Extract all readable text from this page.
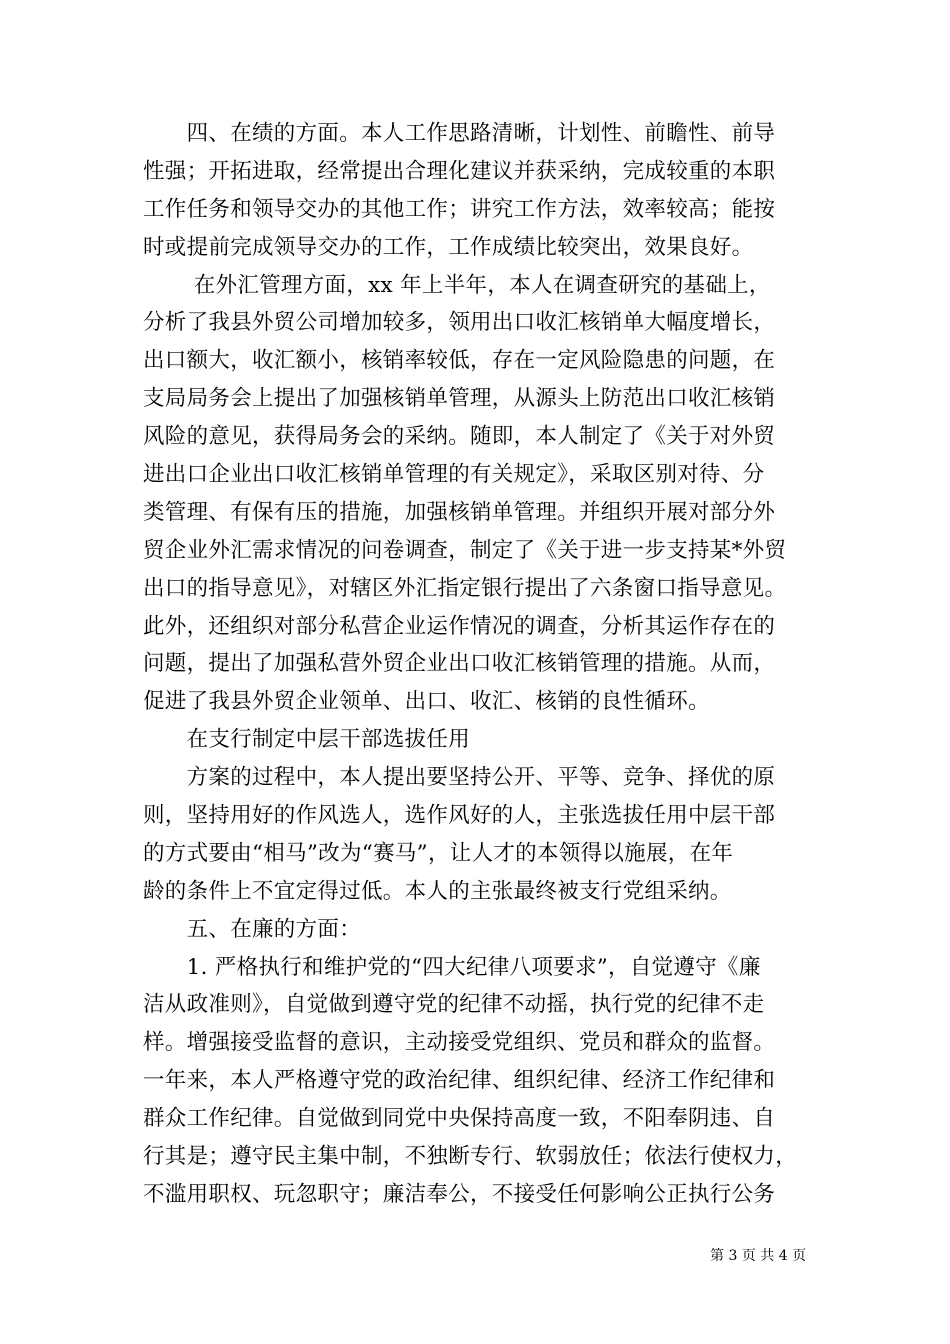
　　四、在绩的方面。本人工作思路清晰，计划性、前瞻性、前导
性强；开拓进取，经常提出合理化建议并获采纳，完成较重的本职
工作任务和领导交办的其他工作；讲究工作方法，效率较高；能按
时或提前完成领导交办的工作，工作成绩比较突出，效果良好。
　　 在外汇管理方面，xx 年上半年，本人在调查研究的基础上，
分析了我县外贸公司增加较多，领用出口收汇核销单大幅度增长，
出口额大，收汇额小，核销率较低，存在一定风险隐患的问题，在
支局局务会上提出了加强核销单管理，从源头上防范出口收汇核销
风险的意见，获得局务会的采纳。随即，本人制定了《关于对外贸
进出口企业出口收汇核销单管理的有关规定》，采取区别对待、分
类管理、有保有压的措施，加强核销单管理。并组织开展对部分外
贸企业外汇需求情况的问卷调查，制定了《关于进一步支持某*外贸
出口的指导意见》，对辖区外汇指定银行提出了六条窗口指导意见。
此外，还组织对部分私营企业运作情况的调查，分析其运作存在的
问题，提出了加强私营外贸企业出口收汇核销管理的措施。从而，
促进了我县外贸企业领单、出口、收汇、核销的良性循环。
　　在支行制定中层干部选拔任用
　　方案的过程中，本人提出要坚持公开、平等、竞争、择优的原
则，坚持用好的作风选人，选作风好的人，主张选拔任用中层干部
的方式要由“相马”改为“赛马”，让人才的本领得以施展，在年
龄的条件上不宜定得过低。本人的主张最终被支行党组采纳。
　　五、在廉的方面：
　　1. 严格执行和维护党的“四大纪律八项要求”，自觉遵守《廉
洁从政准则》，自觉做到遵守党的纪律不动摇，执行党的纪律不走
样。增强接受监督的意识，主动接受党组织、党员和群众的监督。
一年来，本人严格遵守党的政治纪律、组织纪律、经济工作纪律和
群众工作纪律。自觉做到同党中央保持高度一致，不阳奉阴违、自
行其是；遵守民主集中制，不独断专行、软弱放任；依法行使权力，
不滥用职权、玩忽职守；廉洁奉公，不接受任何影响公正执行公务
第 3 页 共 4 页
